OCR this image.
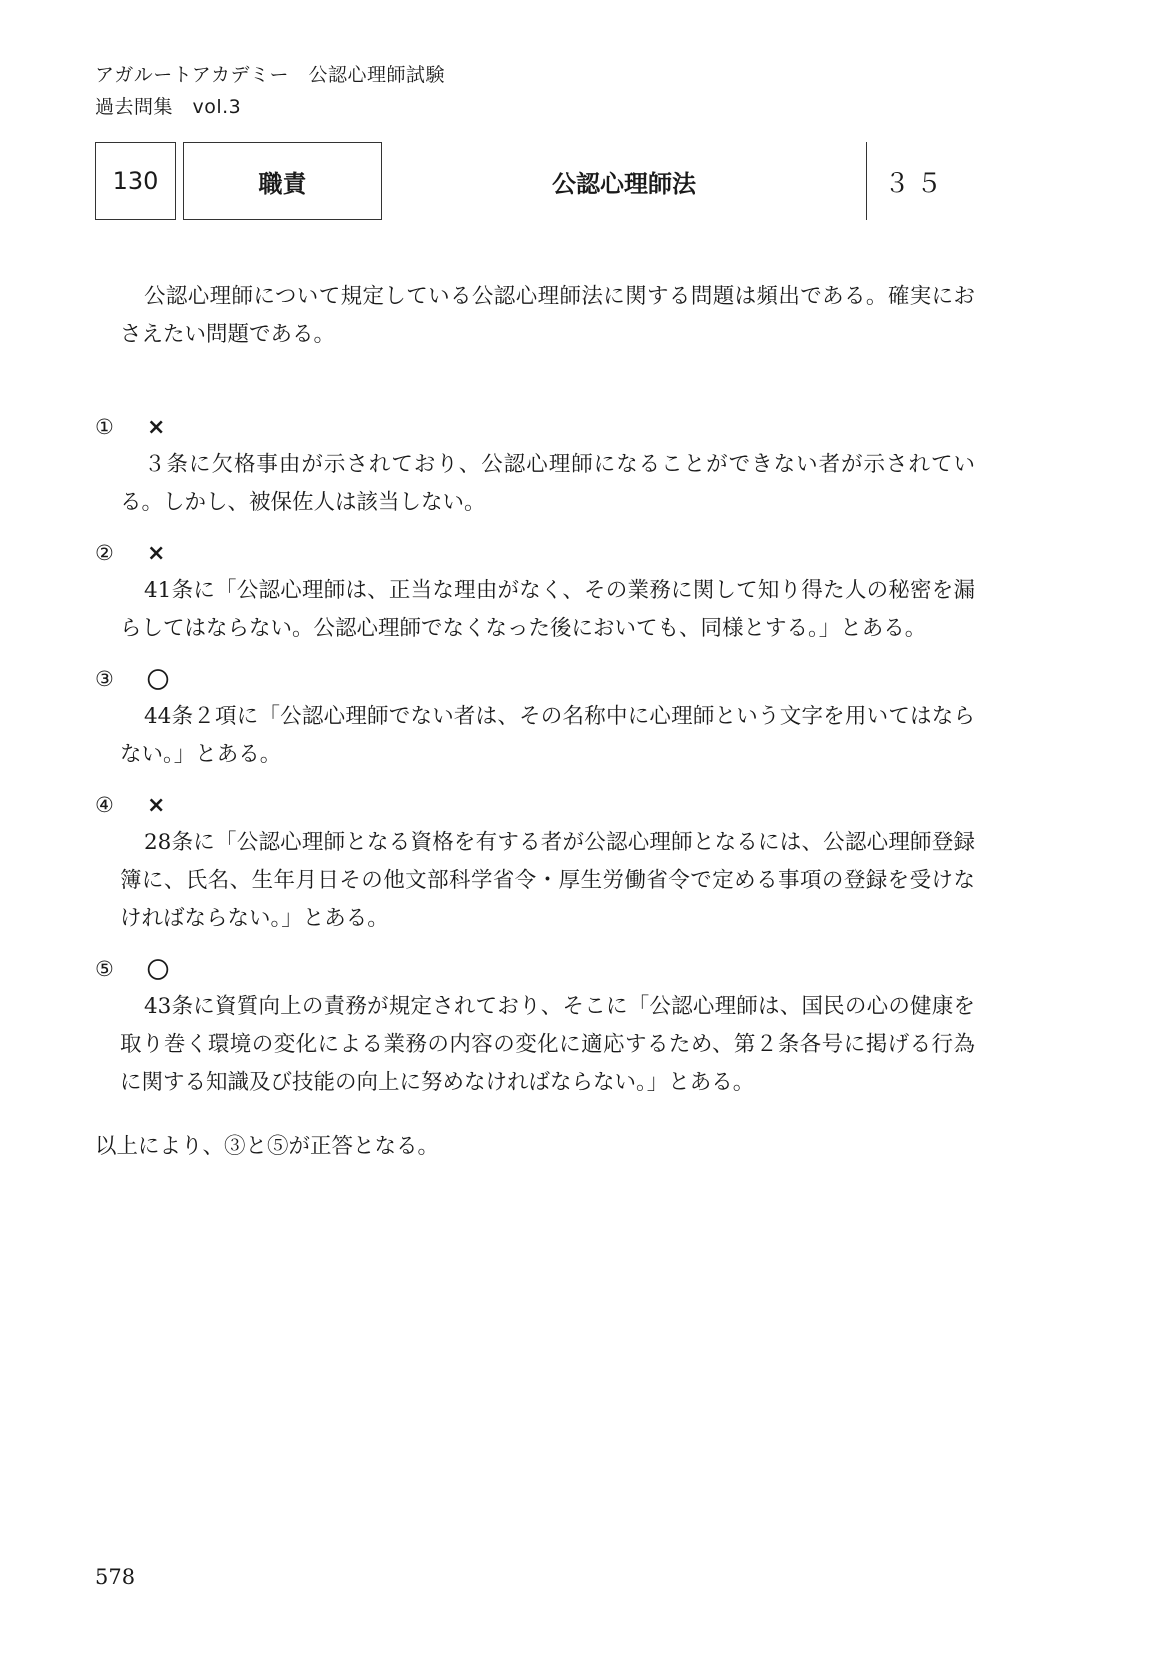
アガルートアカデミー　公認心理師試験
過去問集　vol.3
130	職責	公認心理師法	３５

公認心理師について規定している公認心理師法に関する問題は頻出である。確実におさえたい問題である。

①	×

３条に欠格事由が示されており、公認心理師になることができない者が示されている。しかし、被保佐人は該当しない。

②	×

41条に「公認心理師は、正当な理由がなく、その業務に関して知り得た人の秘密を漏らしてはならない。公認心理師でなくなった後においても、同様とする。」とある。

③	〇

44条２項に「公認心理師でない者は、その名称中に心理師という文字を用いてはならない。」とある。

④	×

28条に「公認心理師となる資格を有する者が公認心理師となるには、公認心理師登録簿に、氏名、生年月日その他文部科学省令・厚生労働省令で定める事項の登録を受けなければならない。」とある。

⑤	〇

43条に資質向上の責務が規定されており、そこに「公認心理師は、国民の心の健康を取り巻く環境の変化による業務の内容の変化に適応するため、第２条各号に掲げる行為に関する知識及び技能の向上に努めなければならない。」とある。

以上により、③と⑤が正答となる。
578
